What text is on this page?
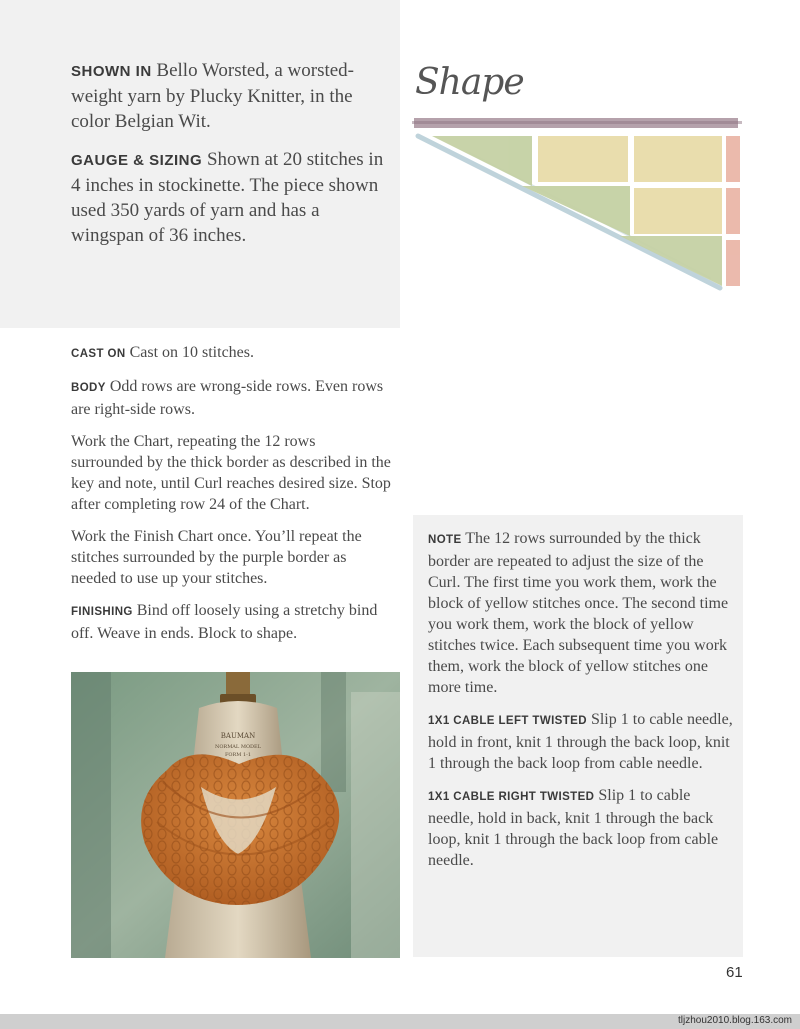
SHOWN IN Bello Worsted, a worsted-weight yarn by Plucky Knitter, in the color Belgian Wit.

GAUGE & SIZING Shown at 20 stitches in 4 inches in stockinette. The piece shown used 350 yards of yarn and has a wingspan of 36 inches.

Shape

CAST ON Cast on 10 stitches.

BODY Odd rows are wrong-side rows. Even rows are right-side rows.

Work the Chart, repeating the 12 rows surrounded by the thick border as described in the key and note, until Curl reaches desired size. Stop after completing row 24 of the Chart.

Work the Finish Chart once. You’ll repeat the stitches surrounded by the purple border as needed to use up your stitches.

FINISHING Bind off loosely using a stretchy bind off. Weave in ends. Block to shape.

NOTE The 12 rows surrounded by the thick border are repeated to adjust the size of the Curl. The first time you work them, work the block of yellow stitches once. The second time you work them, work the block of yellow stitches twice. Each subsequent time you work them, work the block of yellow stitches one more time.

1X1 CABLE LEFT TWISTED Slip 1 to cable needle, hold in front, knit 1 through the back loop, knit 1 through the back loop from cable needle.

1X1 CABLE RIGHT TWISTED Slip 1 to cable needle, hold in back, knit 1 through the back loop, knit 1 through the back loop from cable needle.

BAUMAN
NORMAL MODEL
FORM 1-1
61
tljzhou2010.blog.163.com
